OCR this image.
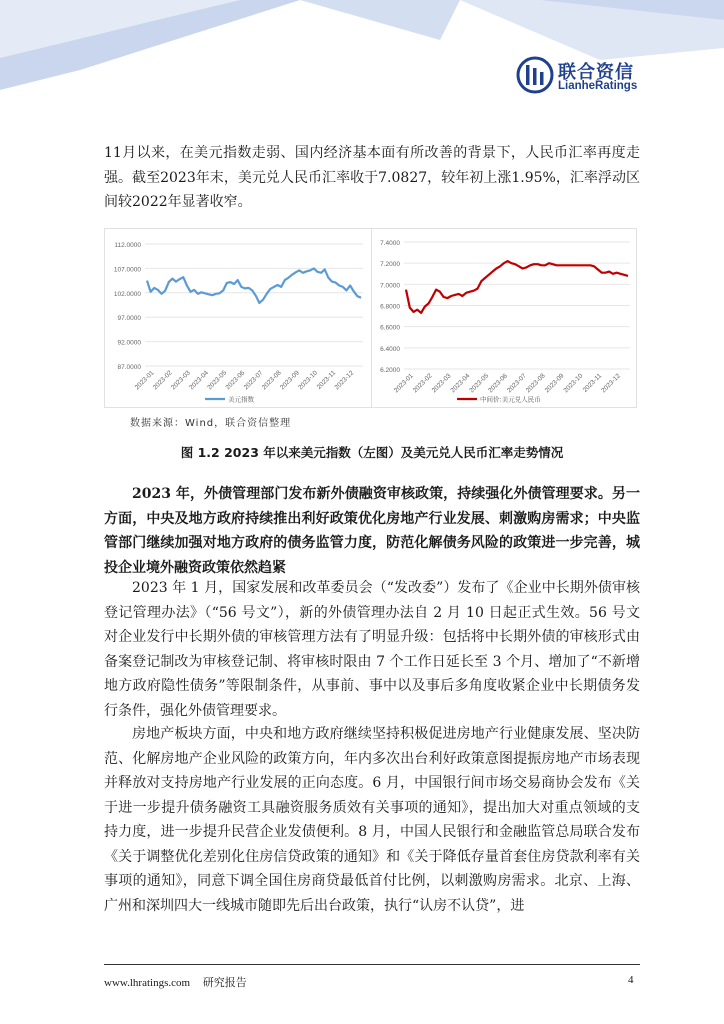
联合资信
LianheRatings

11月以来，在美元指数走弱、国内经济基本面有所改善的背景下，人民币汇率再度走强。截至2023年末，美元兑人民币汇率收于7.0827，较年初上涨1.95%，汇率浮动区间较2022年显著收窄。

112.0000
107.0000
102.0000
97.0000
92.0000
87.0000
2023-01
2023-02
2023-03
2023-04
2023-05
2023-06
2023-07
2023-08
2023-09
2023-10
2023-11
2023-12
美元指数
7.4000
7.2000
7.0000
6.8000
6.6000
6.4000
6.2000
2023-01
2023-02
2023-03
2023-04
2023-05
2023-06
2023-07
2023-08
2023-09
2023-10
2023-11
2023-12
中间价:美元兑人民币
数据来源：Wind，联合资信整理
图 1.2 2023 年以来美元指数（左图）及美元兑人民币汇率走势情况

2023 年，外债管理部门发布新外债融资审核政策，持续强化外债管理要求。另一方面，中央及地方政府持续推出利好政策优化房地产行业发展、刺激购房需求；中央监管部门继续加强对地方政府的债务监管力度，防范化解债务风险的政策进一步完善，城投企业境外融资政策依然趋紧

2023 年 1 月，国家发展和改革委员会（“发改委”）发布了《企业中长期外债审核登记管理办法》（“56 号文”），新的外债管理办法自 2 月 10 日起正式生效。56 号文对企业发行中长期外债的审核管理方法有了明显升级：包括将中长期外债的审核形式由备案登记制改为审核登记制、将审核时限由 7 个工作日延长至 3 个月、增加了“不新增地方政府隐性债务”等限制条件，从事前、事中以及事后多角度收紧企业中长期债务发行条件，强化外债管理要求。

房地产板块方面，中央和地方政府继续坚持积极促进房地产行业健康发展、坚决防范、化解房地产企业风险的政策方向，年内多次出台利好政策意图提振房地产市场表现并释放对支持房地产行业发展的正向态度。6 月，中国银行间市场交易商协会发布《关于进一步提升债务融资工具融资服务质效有关事项的通知》，提出加大对重点领域的支持力度，进一步提升民营企业发债便利。8 月，中国人民银行和金融监管总局联合发布《关于调整优化差别化住房信贷政策的通知》和《关于降低存量首套住房贷款利率有关事项的通知》，同意下调全国住房商贷最低首付比例，以刺激购房需求。北京、上海、广州和深圳四大一线城市随即先后出台政策，执行“认房不认贷”，进

www.lhratings.com 研究报告	4
